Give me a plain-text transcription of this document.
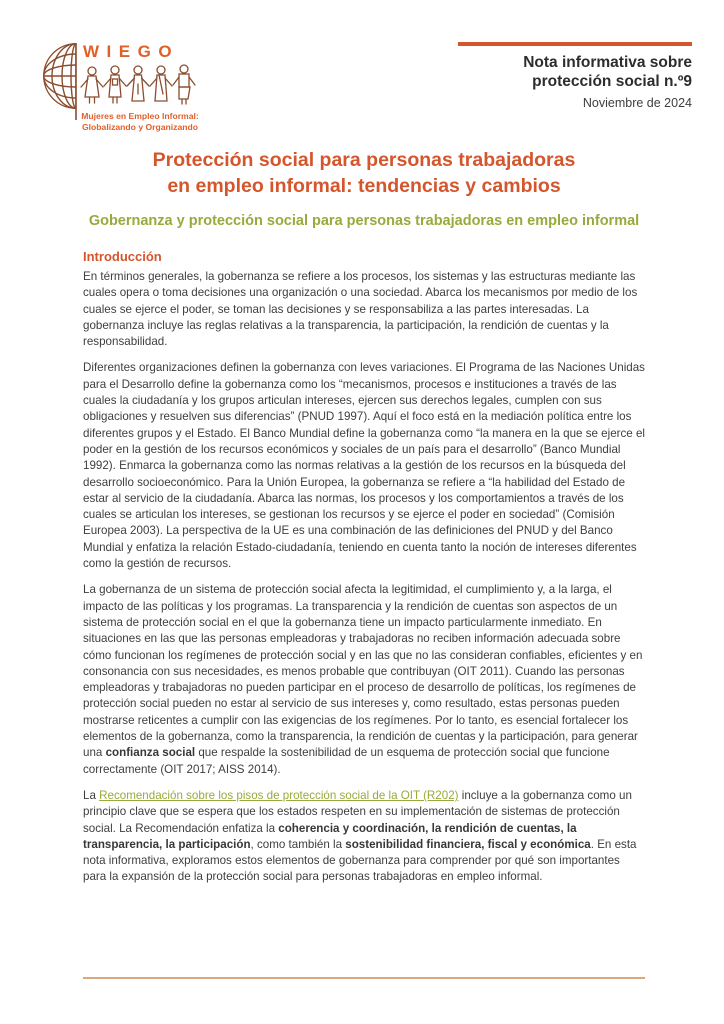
WIEGO
Mujeres en Empleo Informal:
Globalizando y Organizando
Nota informativa sobre
protección social n.º9
Noviembre de 2024
Protección social para personas trabajadoras
en empleo informal: tendencias y cambios
Gobernanza y protección social para personas trabajadoras en empleo informal
Introducción

En términos generales, la gobernanza se refiere a los procesos, los sistemas y las estructuras mediante las cuales opera o toma decisiones una organización o una sociedad. Abarca los mecanismos por medio de los cuales se ejerce el poder, se toman las decisiones y se responsabiliza a las partes interesadas. La gobernanza incluye las reglas relativas a la transparencia, la participación, la rendición de cuentas y la responsabilidad.

Diferentes organizaciones definen la gobernanza con leves variaciones. El Programa de las Naciones Unidas para el Desarrollo define la gobernanza como los “mecanismos, procesos e instituciones a través de las cuales la ciudadanía y los grupos articulan intereses, ejercen sus derechos legales, cumplen con sus obligaciones y resuelven sus diferencias” (PNUD 1997). Aquí el foco está en la mediación política entre los diferentes grupos y el Estado. El Banco Mundial define la gobernanza como “la manera en la que se ejerce el poder en la gestión de los recursos económicos y sociales de un país para el desarrollo” (Banco Mundial 1992). Enmarca la gobernanza como las normas relativas a la gestión de los recursos en la búsqueda del desarrollo socioeconómico. Para la Unión Europea, la gobernanza se refiere a “la habilidad del Estado de estar al servicio de la ciudadanía. Abarca las normas, los procesos y los comportamientos a través de los cuales se articulan los intereses, se gestionan los recursos y se ejerce el poder en sociedad” (Comisión Europea 2003). La perspectiva de la UE es una combinación de las definiciones del PNUD y del Banco Mundial y enfatiza la relación Estado-ciudadanía, teniendo en cuenta tanto la noción de intereses diferentes como la gestión de recursos.

La gobernanza de un sistema de protección social afecta la legitimidad, el cumplimiento y, a la larga, el impacto de las políticas y los programas. La transparencia y la rendición de cuentas son aspectos de un sistema de protección social en el que la gobernanza tiene un impacto particularmente inmediato. En situaciones en las que las personas empleadoras y trabajadoras no reciben información adecuada sobre cómo funcionan los regímenes de protección social y en las que no las consideran confiables, eficientes y en consonancia con sus necesidades, es menos probable que contribuyan (OIT 2011). Cuando las personas empleadoras y trabajadoras no pueden participar en el proceso de desarrollo de políticas, los regímenes de protección social pueden no estar al servicio de sus intereses y, como resultado, estas personas pueden mostrarse reticentes a cumplir con las exigencias de los regímenes. Por lo tanto, es esencial fortalecer los elementos de la gobernanza, como la transparencia, la rendición de cuentas y la participación, para generar una confianza social que respalde la sostenibilidad de un esquema de protección social que funcione correctamente (OIT 2017; AISS 2014).

La Recomendación sobre los pisos de protección social de la OIT (R202) incluye a la gobernanza como un principio clave que se espera que los estados respeten en su implementación de sistemas de protección social. La Recomendación enfatiza la coherencia y coordinación, la rendición de cuentas, la transparencia, la participación, como también la sostenibilidad financiera, fiscal y económica. En esta nota informativa, exploramos estos elementos de gobernanza para comprender por qué son importantes para la expansión de la protección social para personas trabajadoras en empleo informal.
